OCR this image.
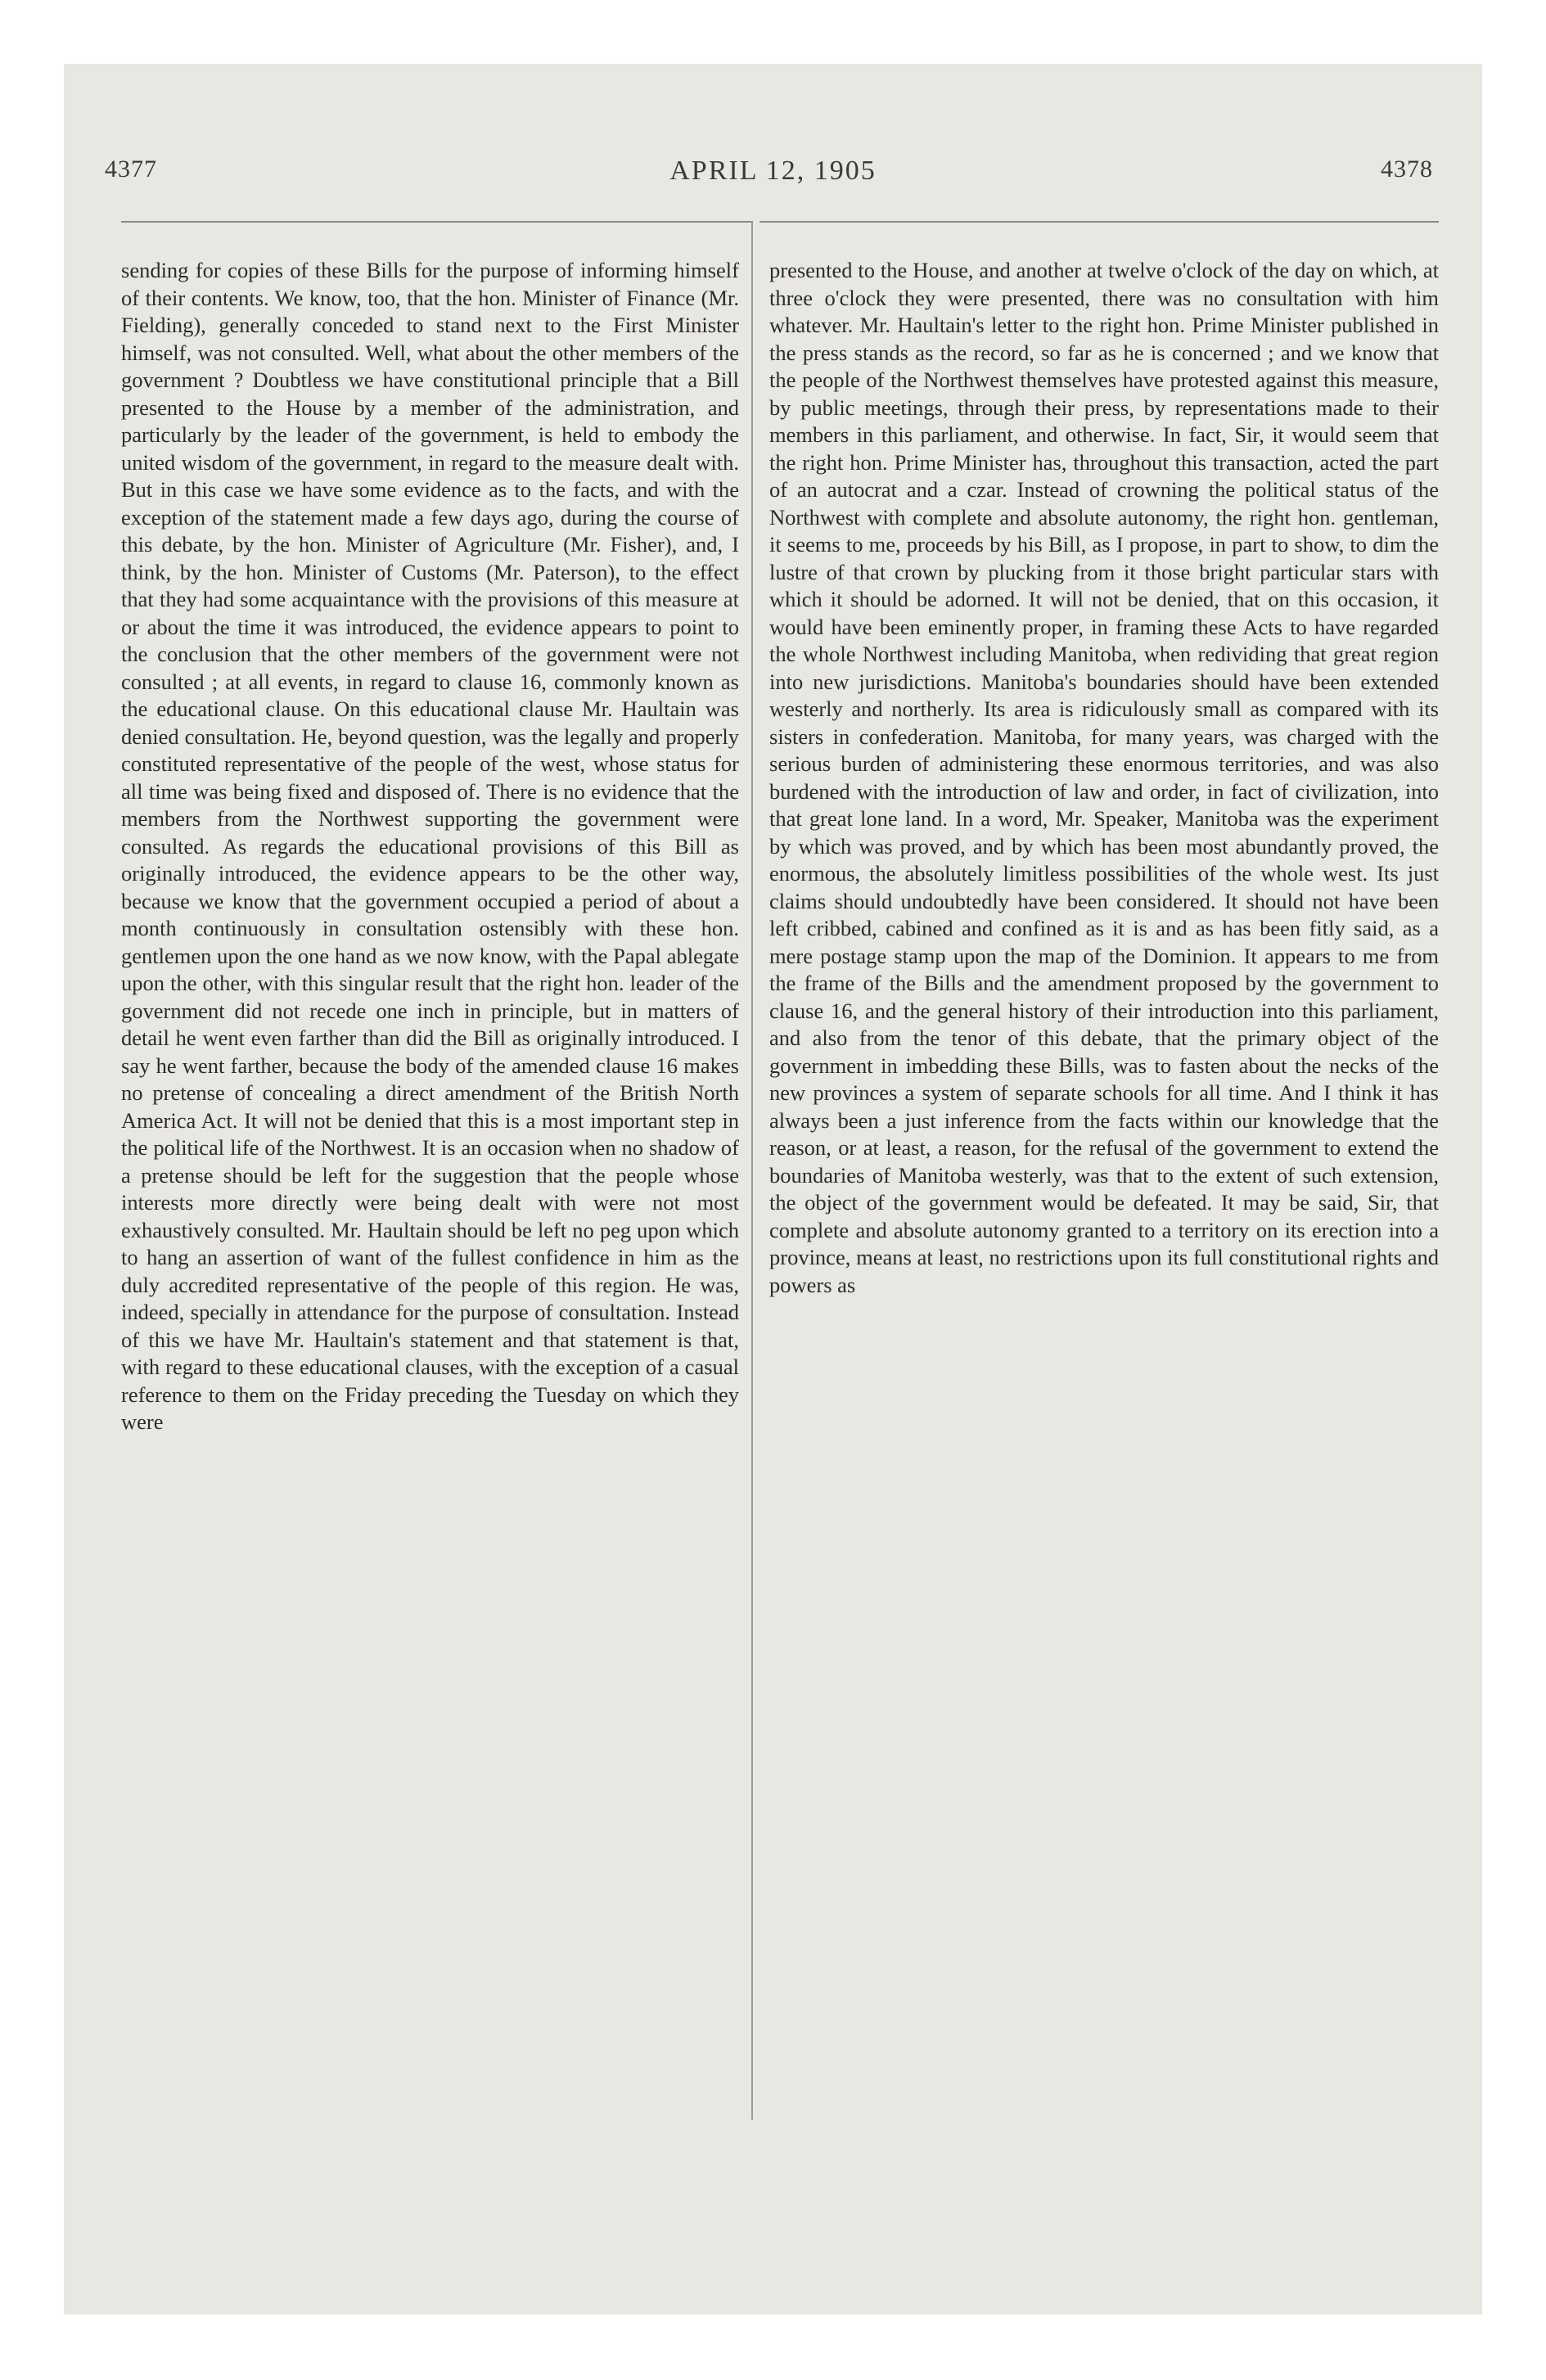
4377	APRIL 12, 1905	4378

sending for copies of these Bills for the purpose of informing himself of their contents. We know, too, that the hon. Minister of Finance (Mr. Fielding), generally conceded to stand next to the First Minister himself, was not consulted. Well, what about the other members of the government ? Doubtless we have constitutional principle that a Bill presented to the House by a member of the administration, and particularly by the leader of the government, is held to embody the united wisdom of the government, in regard to the measure dealt with. But in this case we have some evidence as to the facts, and with the exception of the statement made a few days ago, during the course of this debate, by the hon. Minister of Agriculture (Mr. Fisher), and, I think, by the hon. Minister of Customs (Mr. Paterson), to the effect that they had some acquaintance with the provisions of this measure at or about the time it was introduced, the evidence appears to point to the conclusion that the other members of the government were not consulted ; at all events, in regard to clause 16, commonly known as the educational clause. On this educational clause Mr. Haultain was denied consultation. He, beyond question, was the legally and properly constituted representative of the people of the west, whose status for all time was being fixed and disposed of. There is no evidence that the members from the Northwest supporting the government were consulted. As regards the educational provisions of this Bill as originally introduced, the evidence appears to be the other way, because we know that the government occupied a period of about a month continuously in consultation ostensibly with these hon. gentlemen upon the one hand as we now know, with the Papal ablegate upon the other, with this singular result that the right hon. leader of the government did not recede one inch in principle, but in matters of detail he went even farther than did the Bill as originally introduced. I say he went farther, because the body of the amended clause 16 makes no pretense of concealing a direct amendment of the British North America Act. It will not be denied that this is a most important step in the political life of the Northwest. It is an occasion when no shadow of a pretense should be left for the suggestion that the people whose interests more directly were being dealt with were not most exhaustively consulted. Mr. Haultain should be left no peg upon which to hang an assertion of want of the fullest confidence in him as the duly accredited representative of the people of this region. He was, indeed, specially in attendance for the purpose of consultation. Instead of this we have Mr. Haultain's statement and that statement is that, with regard to these educational clauses, with the exception of a casual reference to them on the Friday preceding the Tuesday on which they were

presented to the House, and another at twelve o'clock of the day on which, at three o'clock they were presented, there was no consultation with him whatever. Mr. Haultain's letter to the right hon. Prime Minister published in the press stands as the record, so far as he is concerned ; and we know that the people of the Northwest themselves have protested against this measure, by public meetings, through their press, by representations made to their members in this parliament, and otherwise. In fact, Sir, it would seem that the right hon. Prime Minister has, throughout this transaction, acted the part of an autocrat and a czar. Instead of crowning the political status of the Northwest with complete and absolute autonomy, the right hon. gentleman, it seems to me, proceeds by his Bill, as I propose, in part to show, to dim the lustre of that crown by plucking from it those bright particular stars with which it should be adorned. It will not be denied, that on this occasion, it would have been eminently proper, in framing these Acts to have regarded the whole Northwest including Manitoba, when redividing that great region into new jurisdictions. Manitoba's boundaries should have been extended westerly and northerly. Its area is ridiculously small as compared with its sisters in confederation. Manitoba, for many years, was charged with the serious burden of administering these enormous territories, and was also burdened with the introduction of law and order, in fact of civilization, into that great lone land. In a word, Mr. Speaker, Manitoba was the experiment by which was proved, and by which has been most abundantly proved, the enormous, the absolutely limitless possibilities of the whole west. Its just claims should undoubtedly have been considered. It should not have been left cribbed, cabined and confined as it is and as has been fitly said, as a mere postage stamp upon the map of the Dominion. It appears to me from the frame of the Bills and the amendment proposed by the government to clause 16, and the general history of their introduction into this parliament, and also from the tenor of this debate, that the primary object of the government in imbedding these Bills, was to fasten about the necks of the new provinces a system of separate schools for all time. And I think it has always been a just inference from the facts within our knowledge that the reason, or at least, a reason, for the refusal of the government to extend the boundaries of Manitoba westerly, was that to the extent of such extension, the object of the government would be defeated. It may be said, Sir, that complete and absolute autonomy granted to a territory on its erection into a province, means at least, no restrictions upon its full constitutional rights and powers as
